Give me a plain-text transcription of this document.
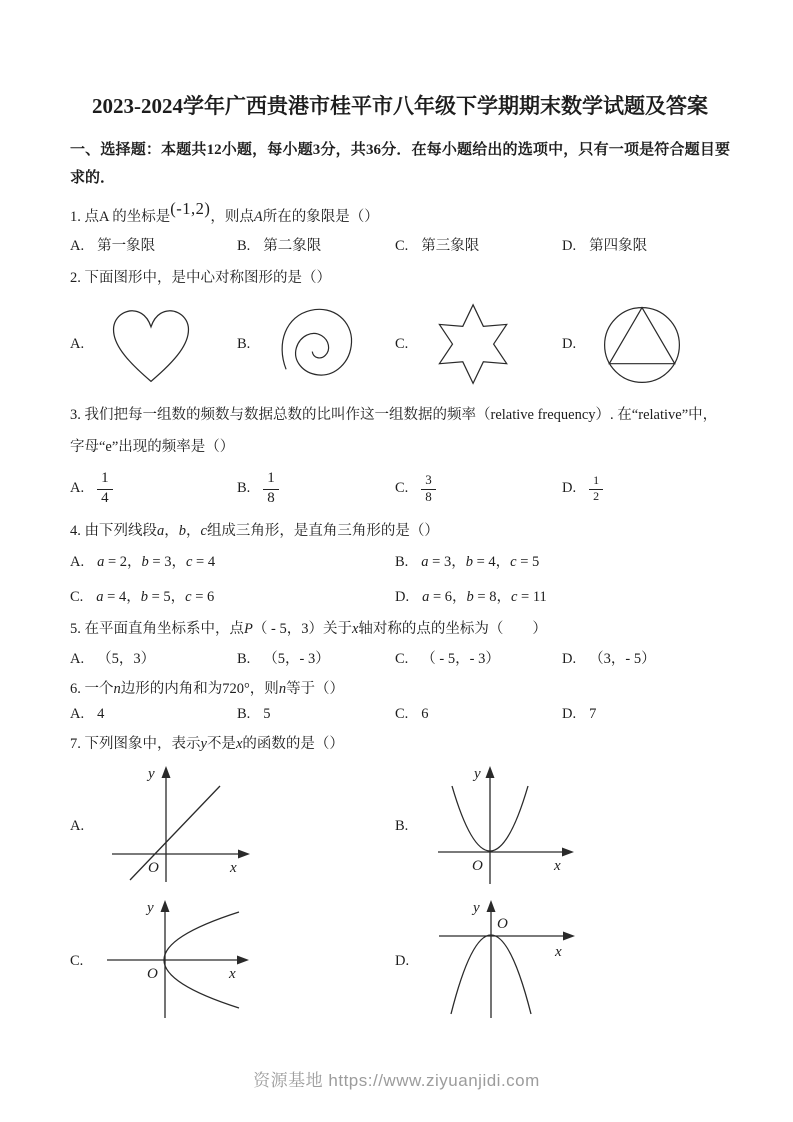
2023-2024学年广西贵港市桂平市八年级下学期期末数学试题及答案

一、选择题：本题共12小题，每小题3分，共36分．在每小题给出的选项中，只有一项是符合题目要求的．

1. 点A 的坐标是(-1,2)，则点A所在的象限是（）

A. 第一象限	B. 第二象限	C. 第三象限	D. 第四象限

2. 下面图形中，是中心对称图形的是（）

A.	B.	C.	D.

3. 我们把每一组数的频数与数据总数的比叫作这一组数据的频率（relative frequency）. 在“relative”中，字母“e”出现的频率是（）

A. $\frac{1}{4}$	B. $\frac{1}{8}$	C. $\frac{3}{8}$	D. $\frac{1}{2}$

4. 由下列线段a，b，c组成三角形，是直角三角形的是（）

A. a = 2，b = 3，c = 4	B. a = 3，b = 4，c = 5
C. a = 4，b = 5，c = 6	D. a = 6，b = 8，c = 11

5. 在平面直角坐标系中，点P（ - 5，3）关于x轴对称的点的坐标为（　　）

A. （5，3）	B. （5，- 3）	C. （ - 5，- 3）	D. （3，- 5）

6. 一个n边形的内角和为720°，则n等于（）

A. 4	B. 5	C. 6	D. 7

7. 下列图象中，表示y不是x的函数的是（）

A.
O	x
y
B.
O	x
y
C.
O	x
y
O
x
y
D.
资源基地 https://www.ziyuanjidi.com
